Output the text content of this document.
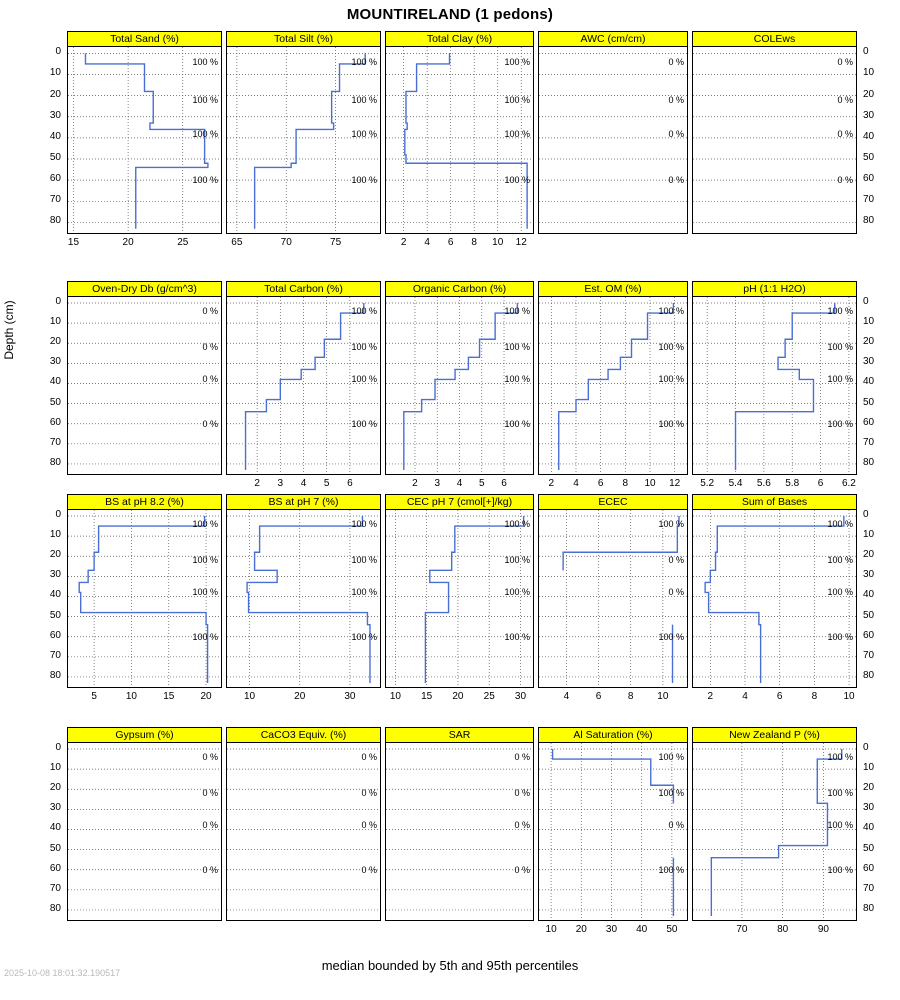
MOUNTIRELAND (1 pedons)
Depth (cm)
median bounded by 5th and 95th percentiles
2025-10-08 18:01:32.190517
Total Sand (%)
100 %
100 %
100 %
100 %
Total Silt (%)
100 %
100 %
100 %
100 %
Total Clay (%)
100 %
100 %
100 %
100 %
AWC (cm/cm)
0 %
0 %
0 %
0 %
COLEws
0 %
0 %
0 %
0 %
Oven-Dry Db (g/cm^3)
0 %
0 %
0 %
0 %
Total Carbon (%)
100 %
100 %
100 %
100 %
Organic Carbon (%)
100 %
100 %
100 %
100 %
Est. OM (%)
100 %
100 %
100 %
100 %
pH (1:1 H2O)
100 %
100 %
100 %
100 %
BS at pH 8.2 (%)
100 %
100 %
100 %
100 %
BS at pH 7 (%)
100 %
100 %
100 %
100 %
CEC pH 7 (cmol[+]/kg)
100 %
100 %
100 %
100 %
ECEC
100 %
0 %
0 %
100 %
Sum of Bases
100 %
100 %
100 %
100 %
Gypsum (%)
0 %
0 %
0 %
0 %
CaCO3 Equiv. (%)
0 %
0 %
0 %
0 %
SAR
0 %
0 %
0 %
0 %
Al Saturation (%)
100 %
100 %
0 %
100 %
New Zealand P (%)
100 %
100 %
100 %
100 %
0
10
20
30
40
50
60
70
80
15	20	25	65	70	75	2	4	6	8	10	12
0
10
20
30
40
50
60
70
80
0
10
20
30
40
50
60
70
80
2	3	4	5	6	2	3	4	5	6	2	4	6	8	10	12
0
10
20
30
40
50
60
70
80
5.2	5.4	5.6	5.8	6	6.2
0
10
20
30
40
50
60
70
80
5	10	15	20	10	20	30	10	15	20	25	30	4	6	8	10
0
10
20
30
40
50
60
70
80
2	4	6	8	10
0
10
20
30
40
50
60
70
80
10	20	30	40	50
0
10
20
30
40
50
60
70
80
70	80	90
